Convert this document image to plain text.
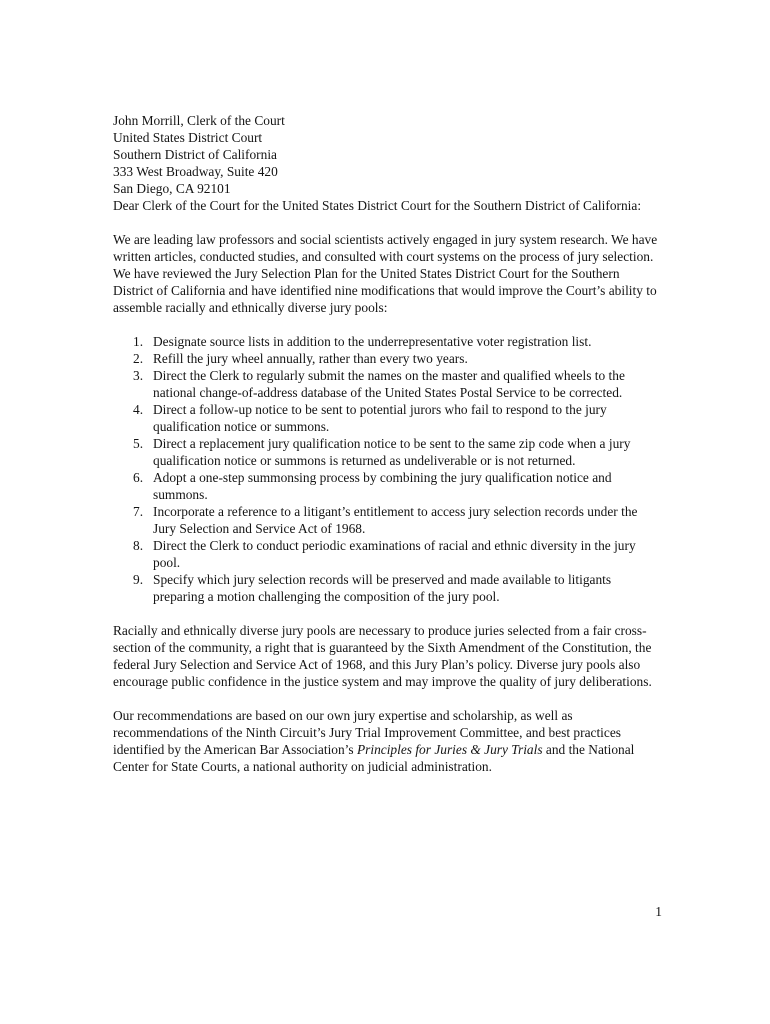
John Morrill, Clerk of the Court
United States District Court
Southern District of California
333 West Broadway, Suite 420
San Diego, CA 92101

Dear Clerk of the Court for the United States District Court for the Southern District of California:

We are leading law professors and social scientists actively engaged in jury system research. We have written articles, conducted studies, and consulted with court systems on the process of jury selection. We have reviewed the Jury Selection Plan for the United States District Court for the Southern District of California and have identified nine modifications that would improve the Court’s ability to assemble racially and ethnically diverse jury pools:

1. Designate source lists in addition to the underrepresentative voter registration list.
2. Refill the jury wheel annually, rather than every two years.
3. Direct the Clerk to regularly submit the names on the master and qualified wheels to the national change-of-address database of the United States Postal Service to be corrected.
4. Direct a follow-up notice to be sent to potential jurors who fail to respond to the jury qualification notice or summons.
5. Direct a replacement jury qualification notice to be sent to the same zip code when a jury qualification notice or summons is returned as undeliverable or is not returned.
6. Adopt a one-step summonsing process by combining the jury qualification notice and summons.
7. Incorporate a reference to a litigant’s entitlement to access jury selection records under the Jury Selection and Service Act of 1968.
8. Direct the Clerk to conduct periodic examinations of racial and ethnic diversity in the jury pool.
9. Specify which jury selection records will be preserved and made available to litigants preparing a motion challenging the composition of the jury pool.

Racially and ethnically diverse jury pools are necessary to produce juries selected from a fair cross-section of the community, a right that is guaranteed by the Sixth Amendment of the Constitution, the federal Jury Selection and Service Act of 1968, and this Jury Plan’s policy. Diverse jury pools also encourage public confidence in the justice system and may improve the quality of jury deliberations.

Our recommendations are based on our own jury expertise and scholarship, as well as recommendations of the Ninth Circuit’s Jury Trial Improvement Committee, and best practices identified by the American Bar Association’s Principles for Juries & Jury Trials and the National Center for State Courts, a national authority on judicial administration.

1
